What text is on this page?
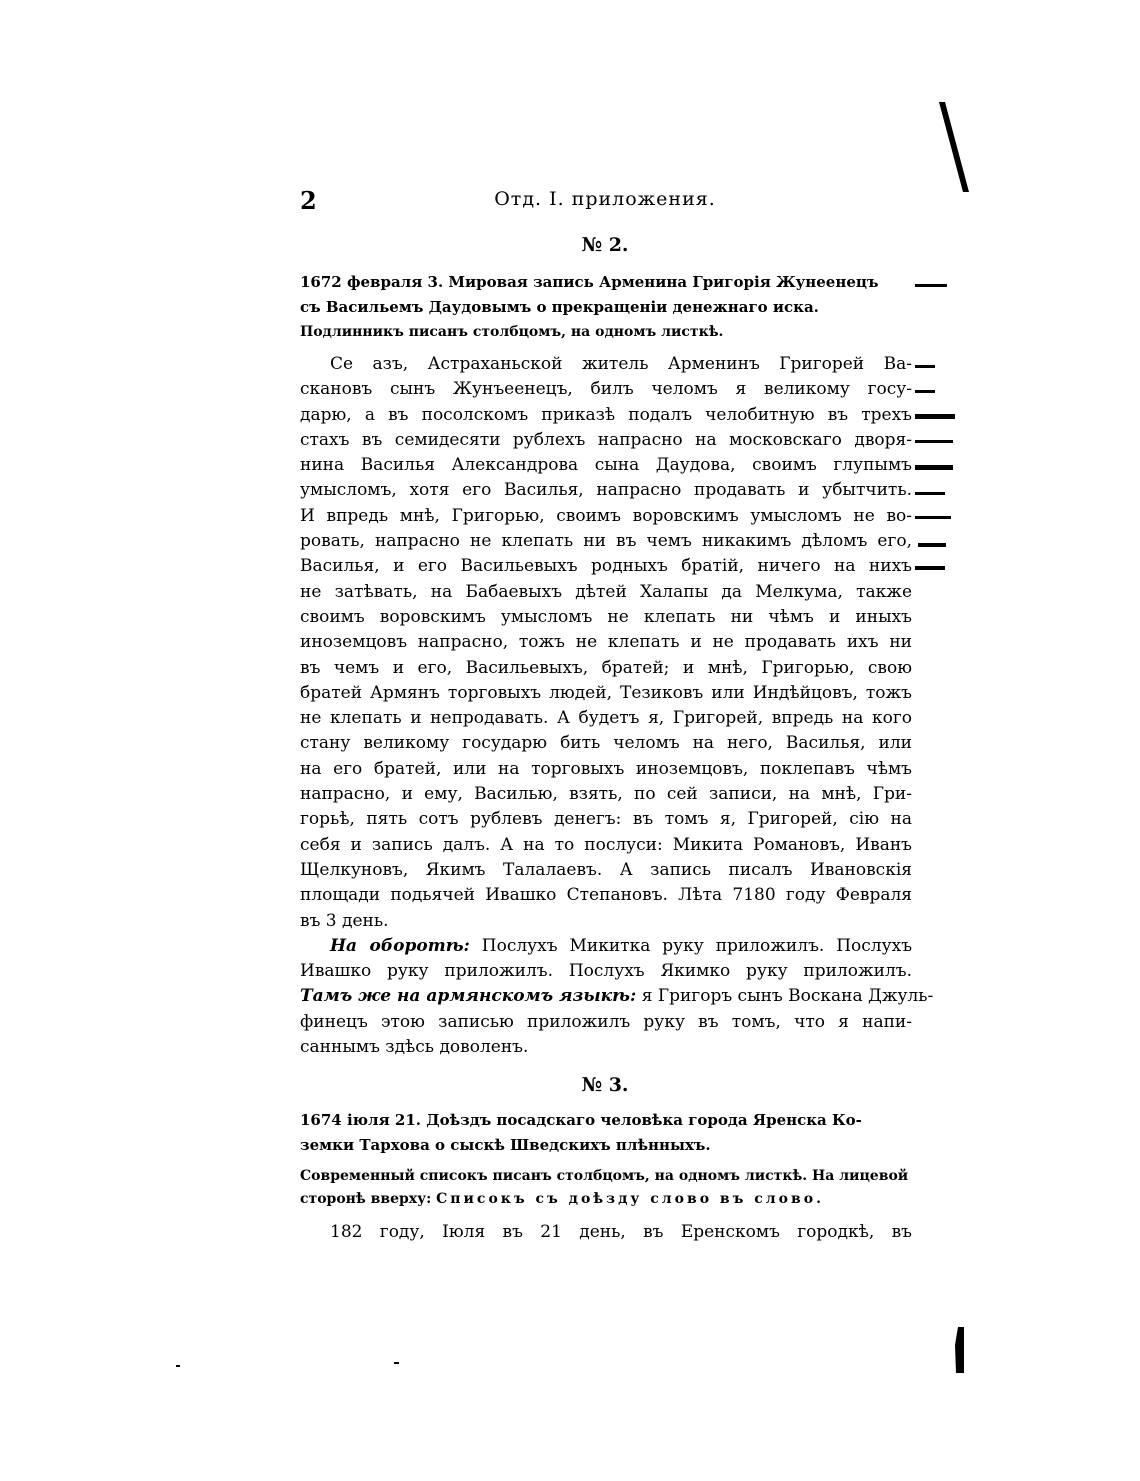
2	Отд. I. приложения.
№ 2.
1672 февраля 3. Мировая запись Арменина Григорія Жунеенецъ
съ Васильемъ Даудовымъ о прекращеніи денежнаго иска.
Подлинникъ писанъ столбцомъ, на одномъ листкѣ.
Се азъ, Астраханьской житель Арменинъ Григорей Ва-
скановъ сынъ Жунъеенецъ, билъ челомъ я великому госу-
дарю, а въ посолскомъ приказѣ подалъ челобитную въ трехъ
стахъ въ семидесяти рублехъ напрасно на московскаго дворя-
нина Василья Александрова сына Даудова, своимъ глупымъ
умысломъ, хотя его Василья, напрасно продавать и убытчить.
И впредь мнѣ, Григорью, своимъ воровскимъ умысломъ не во-
ровать, напрасно не клепать ни въ чемъ никакимъ дѣломъ его,
Василья, и его Васильевыхъ родныхъ братій, ничего на нихъ
не затѣвать, на Бабаевыхъ дѣтей Халапы да Мелкума, также
своимъ воровскимъ умысломъ не клепать ни чѣмъ и иныхъ
иноземцовъ напрасно, тожъ не клепать и не продавать ихъ ни
въ чемъ и его, Васильевыхъ, братей; и мнѣ, Григорью, свою
братей Армянъ торговыхъ людей, Тезиковъ или Индѣйцовъ, тожъ
не клепать и непродавать. А будетъ я, Григорей, впредь на кого
стану великому государю бить челомъ на него, Василья, или
на его братей, или на торговыхъ иноземцовъ, поклепавъ чѣмъ
напрасно, и ему, Василью, взять, по сей записи, на мнѣ, Гри-
горьѣ, пять сотъ рублевъ денегъ: въ томъ я, Григорей, сію на
себя и запись далъ. А на то послуси: Микита Романовъ, Иванъ
Щелкуновъ, Якимъ Талалаевъ. А запись писалъ Ивановскія
площади подьячей Ивашко Степановъ. Лѣта 7180 году Февраля
въ 3 день.
На оборотѣ: Послухъ Микитка руку приложилъ. Послухъ
Ивашко руку приложилъ. Послухъ Якимко руку приложилъ.
Тамъ же на армянскомъ языкѣ: я Григоръ сынъ Воскана Джуль-
финецъ этою записью приложилъ руку въ томъ, что я напи-
саннымъ здѣсь доволенъ.
№ 3.
1674 іюля 21. Доѣздъ посадскаго человѣка города Яренска Ко-
земки Тархова о сыскѣ Шведскихъ плѣнныхъ.
Современный списокъ писанъ столбцомъ, на одномъ листкѣ. На лицевой
сторонѣ вверху: Списокъ съ доѣзду слово въ слово.
182 году, Іюля въ 21 день, въ Еренскомъ городкѣ, въ
